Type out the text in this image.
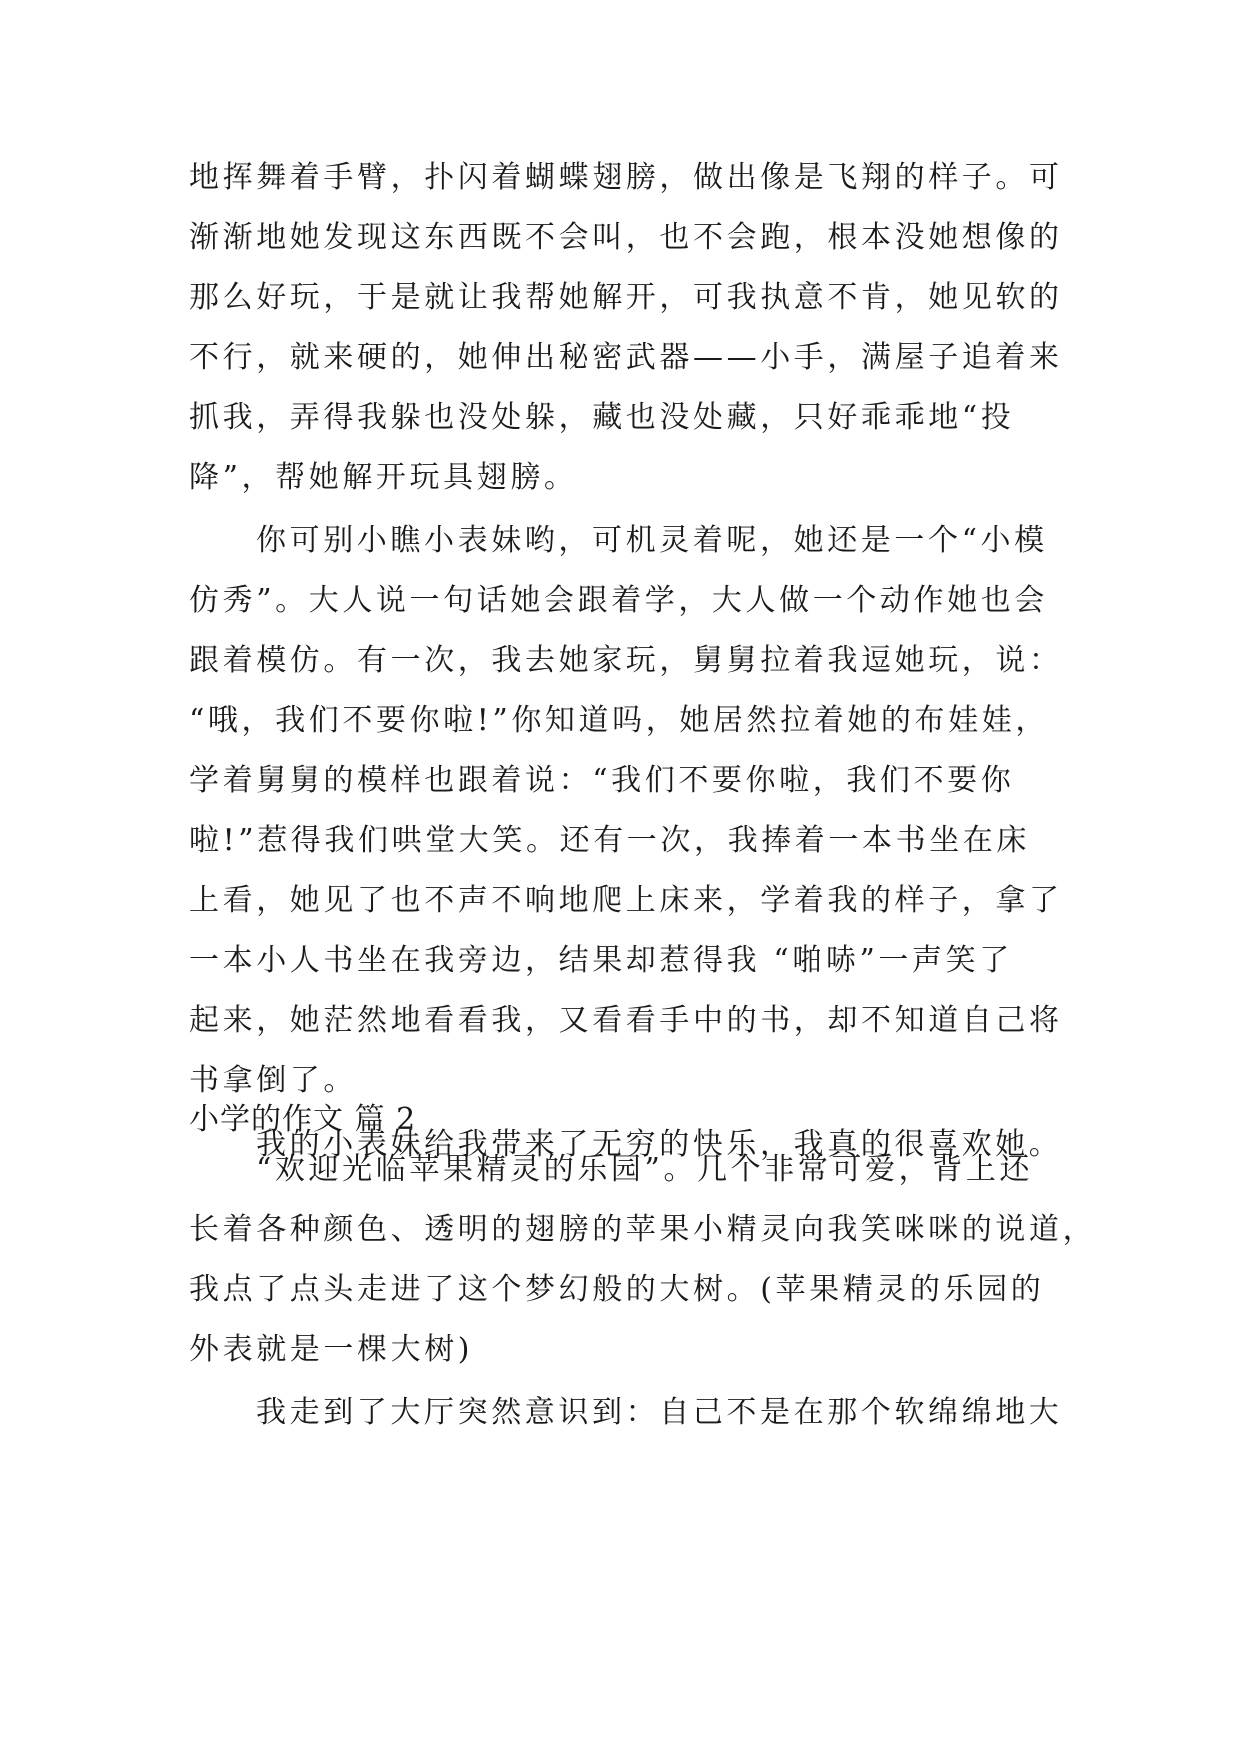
地挥舞着手臂，扑闪着蝴蝶翅膀，做出像是飞翔的样子。可
渐渐地她发现这东西既不会叫，也不会跑，根本没她想像的
那么好玩，于是就让我帮她解开，可我执意不肯，她见软的
不行，就来硬的，她伸出秘密武器——小手，满屋子追着来
抓我，弄得我躲也没处躲，藏也没处藏，只好乖乖地“投
降”，帮她解开玩具翅膀。
你可别小瞧小表妹哟，可机灵着呢，她还是一个“小模
仿秀”。大人说一句话她会跟着学，大人做一个动作她也会
跟着模仿。有一次，我去她家玩，舅舅拉着我逗她玩，说：
“哦，我们不要你啦!”你知道吗，她居然拉着她的布娃娃，
学着舅舅的模样也跟着说：“我们不要你啦，我们不要你
啦!”惹得我们哄堂大笑。还有一次，我捧着一本书坐在床
上看，她见了也不声不响地爬上床来，学着我的样子，拿了
一本小人书坐在我旁边，结果却惹得我 “啪哧”一声笑了
起来，她茫然地看看我，又看看手中的书，却不知道自己将
书拿倒了。
我的小表妹给我带来了无穷的快乐，我真的很喜欢她。
小学的作文 篇 2
“欢迎光临苹果精灵的乐园”。几个非常可爱，背上还
长着各种颜色、透明的翅膀的苹果小精灵向我笑咪咪的说道，
我点了点头走进了这个梦幻般的大树。(苹果精灵的乐园的
外表就是一棵大树)
我走到了大厅突然意识到：自己不是在那个软绵绵地大
